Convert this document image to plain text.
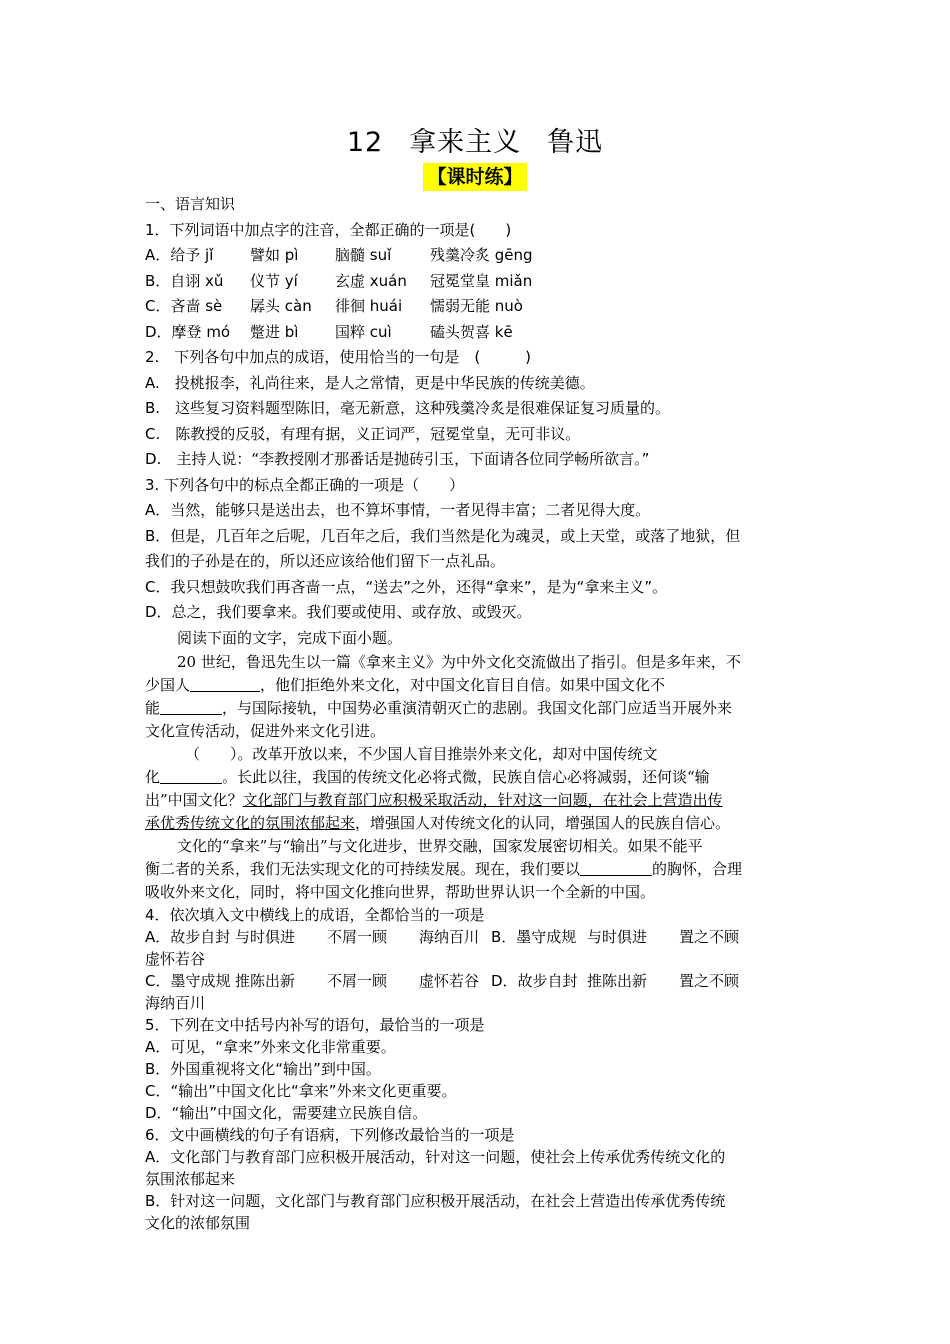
12 拿来主义 鲁迅
【课时练】
一、语言知识
1．下列词语中加点字的注音，全都正确的一项是(　　)
A．给予 jǐ 譬如 pì 脑髓 suǐ	残羹冷炙 gēng
B．自诩 xǔ 仪节 yí 玄虚 xuán 冠冕堂皇 miǎn
C．吝啬 sè 孱头 càn 徘徊 huái 懦弱无能 nuò
D．摩登 mó 蹩进 bì 国粹 cuì	磕头贺喜 kē
2.　下列各句中加点的成语，使用恰当的一句是　(　　　)
A.　投桃报李，礼尚往来，是人之常情，更是中华民族的传统美德。
B.　这些复习资料题型陈旧，毫无新意，这种残羹冷炙是很难保证复习质量的。
C.　陈教授的反驳，有理有据，义正词严，冠冕堂皇，无可非议。
D.　主持人说：“李教授刚才那番话是抛砖引玉，下面请各位同学畅所欲言。”
3. 下列各句中的标点全都正确的一项是（　　）
A．当然，能够只是送出去，也不算坏事情，一者见得丰富；二者见得大度。
B．但是，几百年之后呢，几百年之后，我们当然是化为魂灵，或上天堂，或落了地狱，但
我们的子孙是在的，所以还应该给他们留下一点礼品。
C．我只想鼓吹我们再吝啬一点，“送去”之外，还得“拿来”，是为“拿来主义”。
D．总之，我们要拿来。我们要或使用、或存放、或毁灭。
阅读下面的文字，完成下面小题。
20 世纪，鲁迅先生以一篇《拿来主义》为中外文化交流做出了指引。但是多年来，不
少国人	，他们拒绝外来文化，对中国文化盲目自信。如果中国文化不
能	，与国际接轨，中国势必重演清朝灭亡的悲剧。我国文化部门应适当开展外来
文化宣传活动，促进外来文化引进。
（　　）。改革开放以来，不少国人盲目推崇外来文化，却对中国传统文
化	。长此以往，我国的传统文化必将式微，民族自信心必将减弱，还何谈“输
出”中国文化？文化部门与教育部门应积极采取活动，针对这一问题，在社会上营造出传
承优秀传统文化的氛围浓郁起来，增强国人对传统文化的认同，增强国人的民族自信心。
文化的“拿来”与“输出”与文化进步，世界交融，国家发展密切相关。如果不能平
衡二者的关系，我们无法实现文化的可持续发展。现在，我们要以	的胸怀，合理
吸收外来文化，同时，将中国文化推向世界，帮助世界认识一个全新的中国。
4．依次填入文中横线上的成语，全都恰当的一项是
A．故步自封 与时俱进 不屑一顾 海纳百川 B．墨守成规 与时俱进 置之不顾
虚怀若谷
C．墨守成规 推陈出新 不屑一顾 虚怀若谷 D．故步自封 推陈出新 置之不顾
海纳百川
5．下列在文中括号内补写的语句，最恰当的一项是
A．可见，“拿来”外来文化非常重要。
B．外国重视将文化“输出”到中国。
C．“输出”中国文化比“拿来”外来文化更重要。
D．“输出”中国文化，需要建立民族自信。
6．文中画横线的句子有语病，下列修改最恰当的一项是
A．文化部门与教育部门应积极开展活动，针对这一问题，使社会上传承优秀传统文化的
氛围浓郁起来
B．针对这一问题，文化部门与教育部门应积极开展活动，在社会上营造出传承优秀传统
文化的浓郁氛围
